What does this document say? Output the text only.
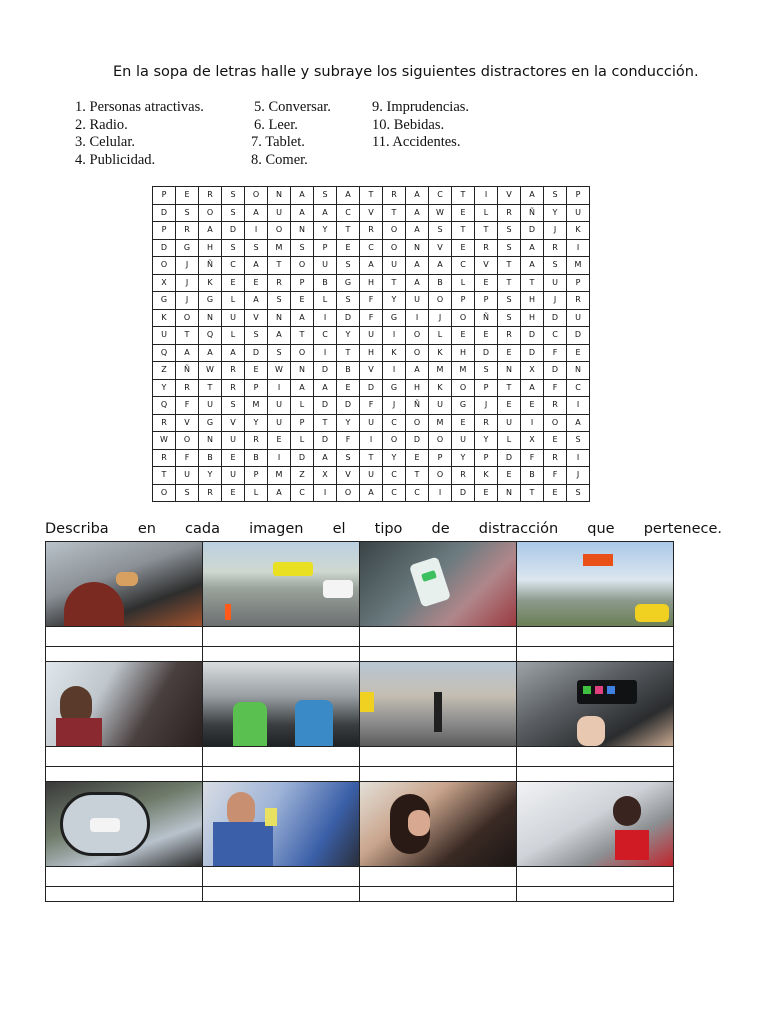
En la sopa de letras halle y subraye los siguientes distractores en la conducción.
1. Personas atractivas.
2. Radio.
3. Celular.
4. Publicidad.
5. Conversar.
6. Leer.
7. Tablet.
8. Comer.
9. Imprudencias.
10. Bebidas.
11. Accidentes.
P	E	R	S	O	N	A	S	A	T	R	A	C	T	I	V	A	S	P
D	S	O	S	A	U	A	A	C	V	T	A	W	E	L	R	Ñ	Y	U
P	R	A	D	I	O	N	Y	T	R	O	A	S	T	T	S	D	J	K
D	G	H	S	S	M	S	P	E	C	O	N	V	E	R	S	A	R	I
O	J	Ñ	C	A	T	O	U	S	A	U	A	A	C	V	T	A	S	M
X	J	K	E	E	R	P	B	G	H	T	A	B	L	E	T	T	U	P
G	J	G	L	A	S	E	L	S	F	Y	U	O	P	P	S	H	J	R
K	O	N	U	V	N	A	I	D	F	G	I	J	O	Ñ	S	H	D	U
U	T	Q	L	S	A	T	C	Y	U	I	O	L	E	E	R	D	C	D
Q	A	A	A	D	S	O	I	T	H	K	O	K	H	D	E	D	F	E
Z	Ñ	W	R	E	W	N	D	B	V	I	A	M	M	S	N	X	D	N
Y	R	T	R	P	I	A	A	E	D	G	H	K	O	P	T	A	F	C
Q	F	U	S	M	U	L	D	D	F	J	Ñ	U	G	J	E	E	R	I
R	V	G	V	Y	U	P	T	Y	U	C	O	M	E	R	U	I	O	A
W	O	N	U	R	E	L	D	F	I	O	D	O	U	Y	L	X	E	S
R	F	B	E	B	I	D	A	S	T	Y	E	P	Y	P	D	F	R	I
T	U	Y	U	P	M	Z	X	V	U	C	T	O	R	K	E	B	F	J
O	S	R	E	L	A	C	I	O	A	C	C	I	D	E	N	T	E	S
Describa en cada imagen el tipo de distracción que pertenece.
